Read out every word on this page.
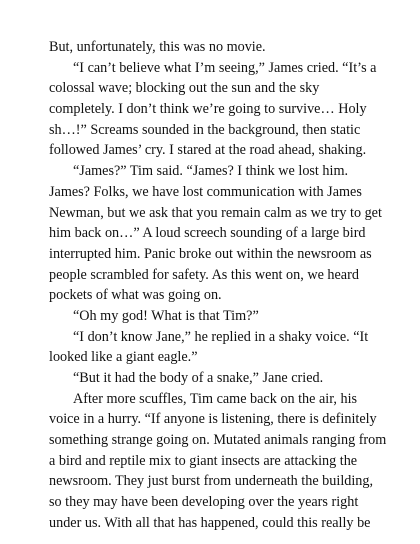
But, unfortunately, this was no movie.
“I can’t believe what I’m seeing,” James cried. “It’s a
colossal wave; blocking out the sun and the sky
completely. I don’t think we’re going to survive… Holy
sh…!” Screams sounded in the background, then static
followed James’ cry. I stared at the road ahead, shaking.
“James?” Tim said. “James? I think we lost him.
James? Folks, we have lost communication with James
Newman, but we ask that you remain calm as we try to get
him back on…” A loud screech sounding of a large bird
interrupted him. Panic broke out within the newsroom as
people scrambled for safety. As this went on, we heard
pockets of what was going on.
“Oh my god! What is that Tim?”
“I don’t know Jane,” he replied in a shaky voice. “It
looked like a giant eagle.”
“But it had the body of a snake,” Jane cried.
After more scuffles, Tim came back on the air, his
voice in a hurry. “If anyone is listening, there is definitely
something strange going on. Mutated animals ranging from
a bird and reptile mix to giant insects are attacking the
newsroom. They just burst from underneath the building,
so they may have been developing over the years right
under us. With all that has happened, could this really be
